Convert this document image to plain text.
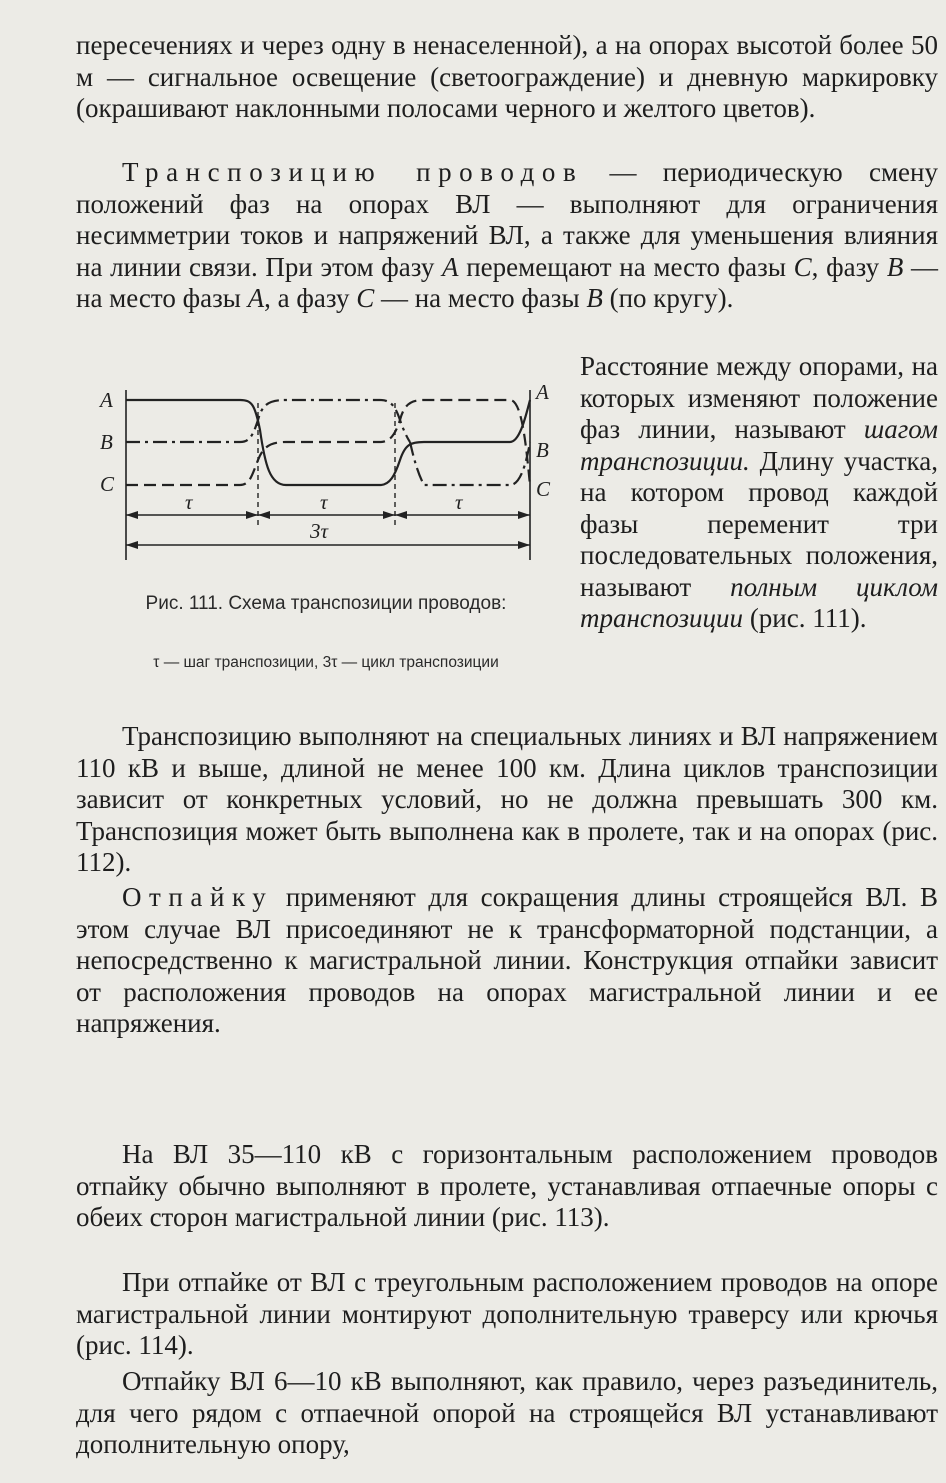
пересечениях и через одну в ненаселенной), а на опорах высотой более 50 м — сигнальное освещение (светоограждение) и дневную маркировку (окрашивают наклонными полосами черного и желтого цветов).

Транспозицию проводов — периодическую смену положений фаз на опорах ВЛ — выполняют для ограничения несимметрии токов и напряжений ВЛ, а также для уменьшения влияния на линии связи. При этом фазу A перемещают на место фазы C, фазу B — на место фазы A, а фазу C — на место фазы B (по кругу).

Расстояние между опорами, на которых изменяют положение фаз линии, называют шагом транспозиции. Длину участка, на котором провод каждой фазы переменит три последовательных положения, называют полным циклом транспозиции (рис. 111).

A
B
C
A
B
C
τ	τ	τ
3τ
Рис. 111. Схема транспозиции проводов:
τ — шаг транспозиции, 3τ — цикл транспозиции

Транспозицию выполняют на специальных линиях и ВЛ напряжением 110 кВ и выше, длиной не менее 100 км. Длина циклов транспозиции зависит от конкретных условий, но не должна превышать 300 км. Транспозиция может быть выполнена как в пролете, так и на опорах (рис. 112).

Отпайку применяют для сокращения длины строящейся ВЛ. В этом случае ВЛ присоединяют не к трансформаторной подстанции, а непосредственно к магистральной линии. Конструкция отпайки зависит от расположения проводов на опорах магистральной линии и ее напряжения.

На ВЛ 35—110 кВ с горизонтальным расположением проводов отпайку обычно выполняют в пролете, устанавливая отпаечные опоры с обеих сторон магистральной линии (рис. 113).

При отпайке от ВЛ с треугольным расположением проводов на опоре магистральной линии монтируют дополнительную траверсу или крючья (рис. 114).

Отпайку ВЛ 6—10 кВ выполняют, как правило, через разъединитель, для чего рядом с отпаечной опорой на строящейся ВЛ устанавливают дополнительную опору,
